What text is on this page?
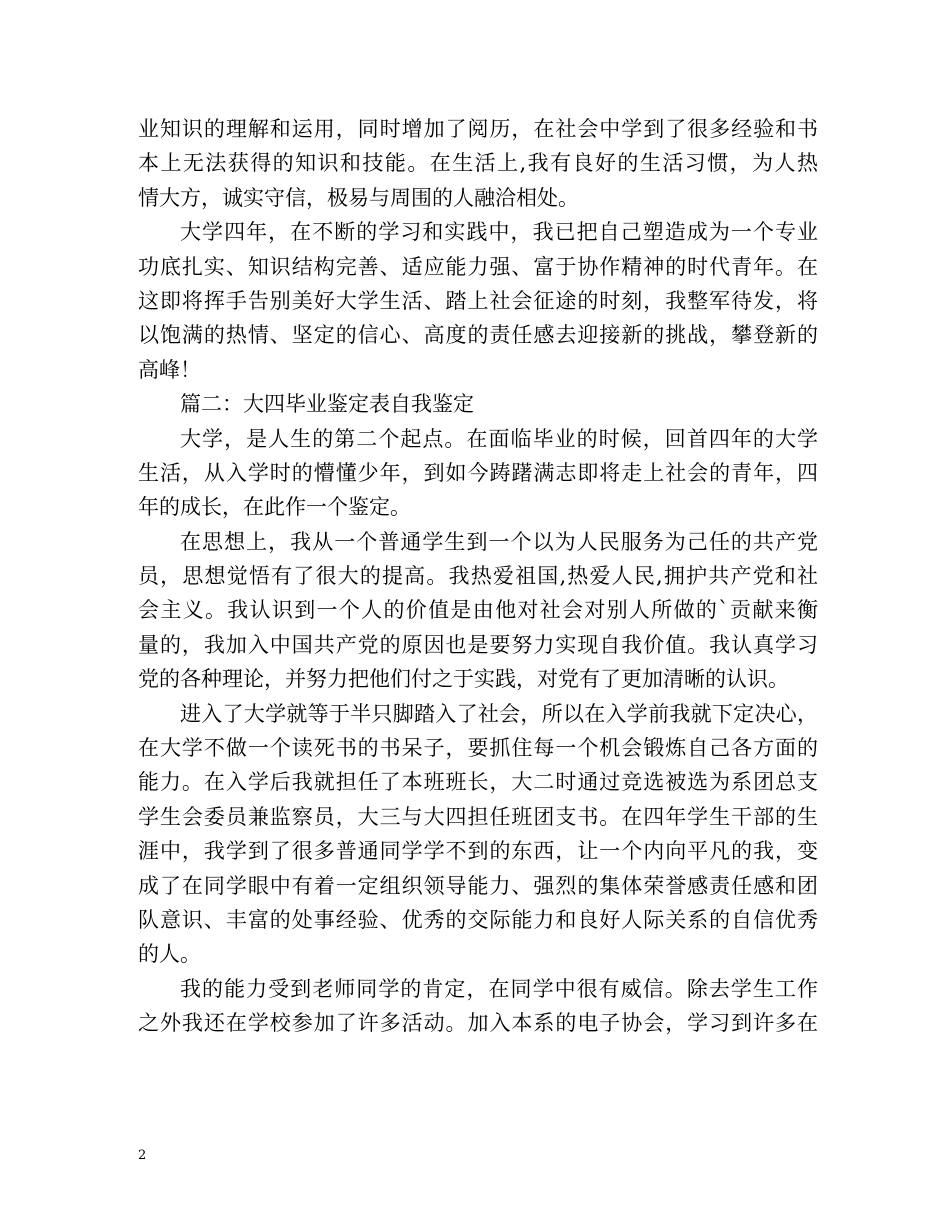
业知识的理解和运用，同时增加了阅历，在社会中学到了很多经验和书
本上无法获得的知识和技能。在生活上,我有良好的生活习惯，为人热
情大方，诚实守信，极易与周围的人融洽相处。
大学四年，在不断的学习和实践中，我已把自己塑造成为一个专业
功底扎实、知识结构完善、适应能力强、富于协作精神的时代青年。在
这即将挥手告别美好大学生活、踏上社会征途的时刻，我整军待发，将
以饱满的热情、坚定的信心、高度的责任感去迎接新的挑战，攀登新的
高峰！
篇二：大四毕业鉴定表自我鉴定
大学，是人生的第二个起点。在面临毕业的时候，回首四年的大学
生活，从入学时的懵懂少年，到如今踌躇满志即将走上社会的青年，四
年的成长，在此作一个鉴定。
在思想上，我从一个普通学生到一个以为人民服务为己任的共产党
员，思想觉悟有了很大的提高。我热爱祖国,热爱人民,拥护共产党和社
会主义。我认识到一个人的价值是由他对社会对别人所做的`贡献来衡
量的，我加入中国共产党的原因也是要努力实现自我价值。我认真学习
党的各种理论，并努力把他们付之于实践，对党有了更加清晰的认识。
进入了大学就等于半只脚踏入了社会，所以在入学前我就下定决心，
在大学不做一个读死书的书呆子，要抓住每一个机会锻炼自己各方面的
能力。在入学后我就担任了本班班长，大二时通过竞选被选为系团总支
学生会委员兼监察员，大三与大四担任班团支书。在四年学生干部的生
涯中，我学到了很多普通同学学不到的东西，让一个内向平凡的我，变
成了在同学眼中有着一定组织领导能力、强烈的集体荣誉感责任感和团
队意识、丰富的处事经验、优秀的交际能力和良好人际关系的自信优秀
的人。
我的能力受到老师同学的肯定，在同学中很有威信。除去学生工作
之外我还在学校参加了许多活动。加入本系的电子协会，学习到许多在
2
